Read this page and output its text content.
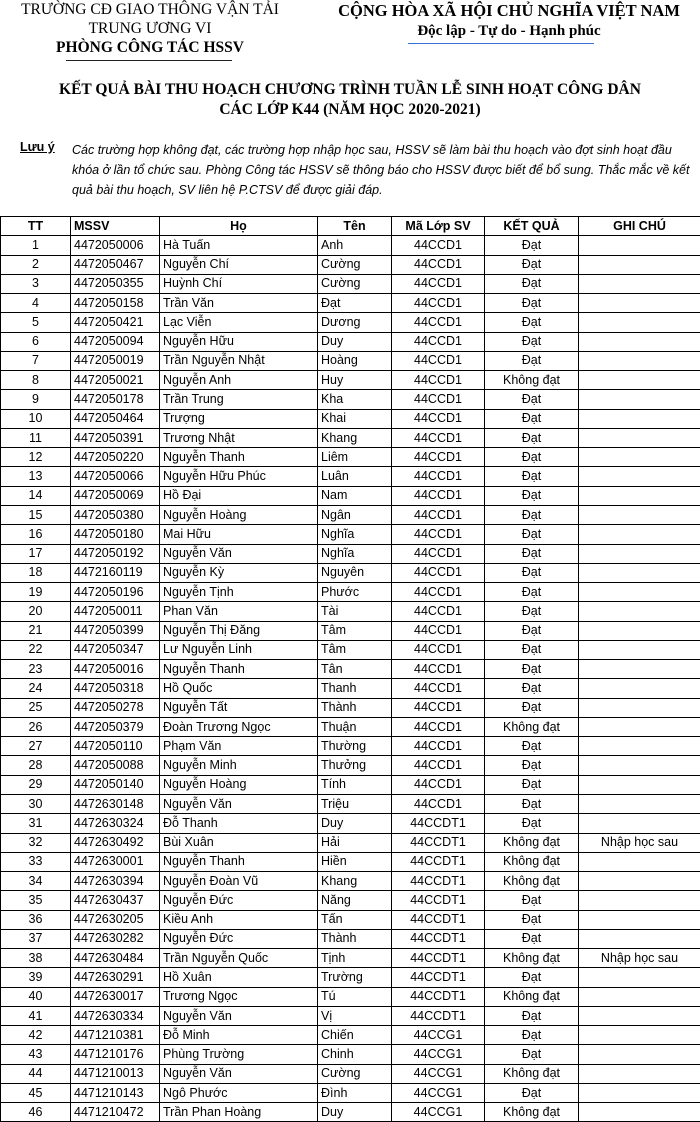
TRƯỜNG CĐ GIAO THÔNG VẬN TẢI
TRUNG ƯƠNG VI
PHÒNG CÔNG TÁC HSSV
CỘNG HÒA XÃ HỘI CHỦ NGHĨA VIỆT NAM
Độc lập - Tự do - Hạnh phúc
KẾT QUẢ BÀI THU HOẠCH CHƯƠNG TRÌNH TUẦN LỄ SINH HOẠT CÔNG DÂN
CÁC LỚP K44 (NĂM HỌC 2020-2021)
Lưu ý Các trường hợp không đạt, các trường hợp nhập học sau, HSSV sẽ làm bài thu hoạch vào đợt sinh hoạt đầu khóa ở lần tổ chức sau. Phòng Công tác HSSV sẽ thông báo cho HSSV được biết để bổ sung. Thắc mắc về kết quả bài thu hoạch, SV liên hệ P.CTSV để được giải đáp.
TT	MSSV	Họ	Tên	Mã Lớp SV	KẾT QUẢ	GHI CHÚ
1	4472050006	Hà Tuấn	Anh	44CCD1	Đạt	
2	4472050467	Nguyễn Chí	Cường	44CCD1	Đạt	
3	4472050355	Huỳnh Chí	Cường	44CCD1	Đạt	
4	4472050158	Trần Văn	Đạt	44CCD1	Đạt	
5	4472050421	Lạc Viễn	Dương	44CCD1	Đạt	
6	4472050094	Nguyễn Hữu	Duy	44CCD1	Đạt	
7	4472050019	Trần Nguyễn Nhật	Hoàng	44CCD1	Đạt	
8	4472050021	Nguyễn Anh	Huy	44CCD1	Không đạt	
9	4472050178	Trần Trung	Kha	44CCD1	Đạt	
10	4472050464	Trượng	Khai	44CCD1	Đạt	
11	4472050391	Trương Nhật	Khang	44CCD1	Đạt	
12	4472050220	Nguyễn Thanh	Liêm	44CCD1	Đạt	
13	4472050066	Nguyễn Hữu Phúc	Luân	44CCD1	Đạt	
14	4472050069	Hồ Đại	Nam	44CCD1	Đạt	
15	4472050380	Nguyễn Hoàng	Ngân	44CCD1	Đạt	
16	4472050180	Mai Hữu	Nghĩa	44CCD1	Đạt	
17	4472050192	Nguyễn Văn	Nghĩa	44CCD1	Đạt	
18	4472160119	Nguyễn Kỳ	Nguyên	44CCD1	Đạt	
19	4472050196	Nguyễn Tịnh	Phước	44CCD1	Đạt	
20	4472050011	Phan Văn	Tài	44CCD1	Đạt	
21	4472050399	Nguyễn Thị Đăng	Tâm	44CCD1	Đạt	
22	4472050347	Lư Nguyễn Linh	Tâm	44CCD1	Đạt	
23	4472050016	Nguyễn Thanh	Tân	44CCD1	Đạt	
24	4472050318	Hồ Quốc	Thanh	44CCD1	Đạt	
25	4472050278	Nguyễn Tất	Thành	44CCD1	Đạt	
26	4472050379	Đoàn Trương Ngọc	Thuận	44CCD1	Không đạt	
27	4472050110	Phạm Văn	Thường	44CCD1	Đạt	
28	4472050088	Nguyễn Minh	Thưởng	44CCD1	Đạt	
29	4472050140	Nguyễn Hoàng	Tính	44CCD1	Đạt	
30	4472630148	Nguyễn Văn	Triệu	44CCD1	Đạt	
31	4472630324	Đỗ Thanh	Duy	44CCDT1	Đạt	
32	4472630492	Bùi Xuân	Hải	44CCDT1	Không đạt	Nhập học sau
33	4472630001	Nguyễn Thanh	Hiền	44CCDT1	Không đạt	
34	4472630394	Nguyễn Đoàn Vũ	Khang	44CCDT1	Không đạt	
35	4472630437	Nguyễn Đức	Năng	44CCDT1	Đạt	
36	4472630205	Kiều Anh	Tấn	44CCDT1	Đạt	
37	4472630282	Nguyễn Đức	Thành	44CCDT1	Đạt	
38	4472630484	Trần Nguyễn Quốc	Tịnh	44CCDT1	Không đạt	Nhập học sau
39	4472630291	Hồ Xuân	Trường	44CCDT1	Đạt	
40	4472630017	Trương Ngọc	Tú	44CCDT1	Không đạt	
41	4472630334	Nguyễn Văn	Vị	44CCDT1	Đạt	
42	4471210381	Đỗ Minh	Chiến	44CCG1	Đạt	
43	4471210176	Phùng Trường	Chinh	44CCG1	Đạt	
44	4471210013	Nguyễn Văn	Cường	44CCG1	Không đạt	
45	4471210143	Ngô Phước	Đình	44CCG1	Đạt	
46	4471210472	Trần Phan Hoàng	Duy	44CCG1	Không đạt	
